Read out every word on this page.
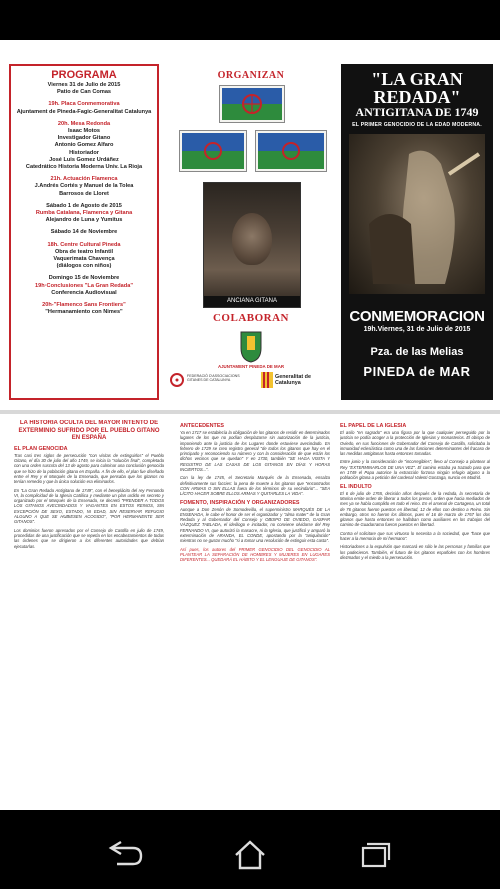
PROGRAMA
Viernes 31 de Julio de 2015
Patio de Can Comas
19h. Placa Conmemorativa
Ajuntament de Pineda-Fagic-Generalitat Catalunya
20h. Mesa Redonda
Isaac Motos
Investigador Gitano
Antonio Gomez Alfaro
Historiador
José Luis Gomez Urdáñez
Catedrático Historia Moderna Univ. La Rioja
21h. Actuación Flamenca
J.Andrés Cortés y Manuel de la Tolea
Barrosos de Lloret
Sábado 1 de Agosto de 2015
Rumba Catalana, Flamenca y Gitana
Alejandro de Luna y Yumitus
Sábado 14 de Noviembre
18h. Centre Cultural Pineda
Obra de teatro Infantil
Vaquerimata Chavença
(diálogos con niños)
Domingo 15 de Noviembre
19h·Conclusiones "La Gran Redada"
Conferencia Audiovisual
20h-"Flamenco Sans Frontiers"
"Hermanamiento con Nimes"
ORGANIZAN
ANCIANA GITANA
COLABORAN
AJUNTAMENT PINEDA DE MAR
FEDERACIÓ D'ASSOCIACIONS GITANES DE CATALUNYA
Generalitat de Catalunya
"LA GRAN REDADA"
ANTIGITANA DE 1749
EL PRIMER GENOCIDIO DE LA EDAD MODERNA.
CONMEMORACION
19h.Viernes, 31 de Julio de 2015
Pza. de las Melias
PINEDA de MAR
LA HISTORIA OCULTA DEL MAYOR INTENTO DE EXTERMINIO SUFRIDO POR EL PUEBLO GITANO EN ESPAÑA
EL PLAN GENOCIDA
Tras casi tres siglos de persecución "con visitas de extinguirlos" el Pueblo Gitano, el día 30 de julio del año 1749, se inicia la "solución final", completada con una orden suscrita del 13 de agosto para culminar una conclusión genocida que se hizo de la población gitana en España. A fin de ello, el plan fue diseñado entre el Rey y el Marqués de la Ensenada, que pensaba que los gitanos no tenían remedio y que la única solución era eliminarlos.
En "La Gran Redada Antigitana de 1749", con el beneplácito del rey Fernando VI, la complicidad de la Iglesia Católica y mediante un plan urdido en secreto y organizado por el Marqués de la Ensenada, se decretó "PRENDER A TODOS LOS GITANOS AVECINDADOS Y VAGANTES EN ESTOS REINOS, SIN EXCEPCIÓN DE SEXO, ESTADO, NI EDAD, SIN RESERVAR REFUGIO ALGUNO A QUE SE HUBIESEN ACOGIDO", "POR HERMANENTE SER GITANOS".
Los dominios fueron apresados por el Consejo de Castilla en julio de 1749, procedidas de una justificación que se repetía en los encabezamientos de todas las órdenes que se dirigieron a los diferentes autoridades que debían ejecutarlas.
ANTECEDENTES
Ya en 1717 se establecía la obligación de los gitanos de residir en determinados lugares de los que no podían desplazarse sin autorización de la justicia, imponiendo ante la justicia de los Lugares donde estuviese avecindado. En febrero de 1729 se creo registro general "de todos los gitanos que hay en el principado y reconociendo su número y con la consideración de que están los dichos vecinos que se quedan" Y en 1730, también "SE HAGA VISITA Y REGISTRO DE LAS CASAS DE LOS GITANOS EN DÍAS Y HORAS INCIERTOS...".
Con la ley de 1745, el Secretario Marqués de la Ensenada, ensalza definitivamente sus faccies: la pena de muerte a los gitanos que "encontrados CON ARMAS O SIN ELLAS fuera de los términos de su vecindario"... "SEA LÍCITO HACER SOBRE ELLOS ARMAS Y QUITARLES LA VIDA".
FOMENTO, INSPIRACIÓN Y ORGANIZADORES
Aunque a Don Zenón de Somodevilla, el superministro MARQUÉS DE LA ENSENADA, le cabe el honor de ser el organizador y "alma mater" de la Gran Redada y al Gobernador del Consejo y OBISPO DE OVIEDO, GASPAR VÁZQUEZ TABLADA, el ideólogo e incitador, no conviene olvidarse del Rey FERNANDO VI, que autorizó la masacre, ni la Iglesia, que justificó y amparó la exterminación de ARANDA, EL CONDE, apostando por la "aniquilación" mientras no se gustar mucho "si a tomar una resolución de extinguir esta casta".
Así pues, los autores del PRIMER GENOCIDIO DEL GENOCIDIO AL PLANTEAR LA SEPARACIÓN DE HOMBRES Y MUJERES EN LUGARES DIFERENTES... QUEDARÁ EL HÁBITO Y EL LENGUAJE DE GITANOS".
EL PAPEL DE LA IGLESIA
El asilo "en sagrado" era una figura por la que cualquier perseguido por la justicia se podía acoger a la protección de Iglesias y monasterios. El obispo de Oviedo, en sus funciones de Gobernador del Consejo de Castilla, solicitaba la inmunidad eclesiástica como una de las funciones determinantes del fracaso de las medidas antigitanas hasta entonces tomadas.
Entre junio y la consideración de "incorregibles", llevo al Consejo a plantear al Rey "EXTERMINARLOS DE UNA VEZ". El camino estaba ya trazado para que en 1749 el Papa autorice la extracción forzosa ningún refugio alguno a la población gitana a petición del cardenal Valenti Gonzaga, nuncio en Madrid.
EL INDULTO
El 6 de julio de 1765, decisión años después de la redada, la secretaría de Marina emite orden de liberar a todos los presos, orden que hacia mediados de mes ya se había cumplido en todo el reino. En el arsenal de Cartagena, un total de 76 gitanos fueron puestos en libertad, 12 de ellos con destino a Reino. Sin embargo, otros no fueron los últimos, pues el 16 de marzo de 1767 los dos gitanos que hasta entonces se hallaban como auxiliares en los trabajos del camino de Guadarrama fueron puestos en libertad.
Contra el solicitare que sus virtuoso lo necesita a la sociedad, que "hace que hacer a la memoria de mi hermano".
Historiadores a la expulsión que marcará en sólo le las personas y familias que los padecieron. También, el futuro de los gitanos españoles con los hombres diezmados y el miedo a la persecución.
